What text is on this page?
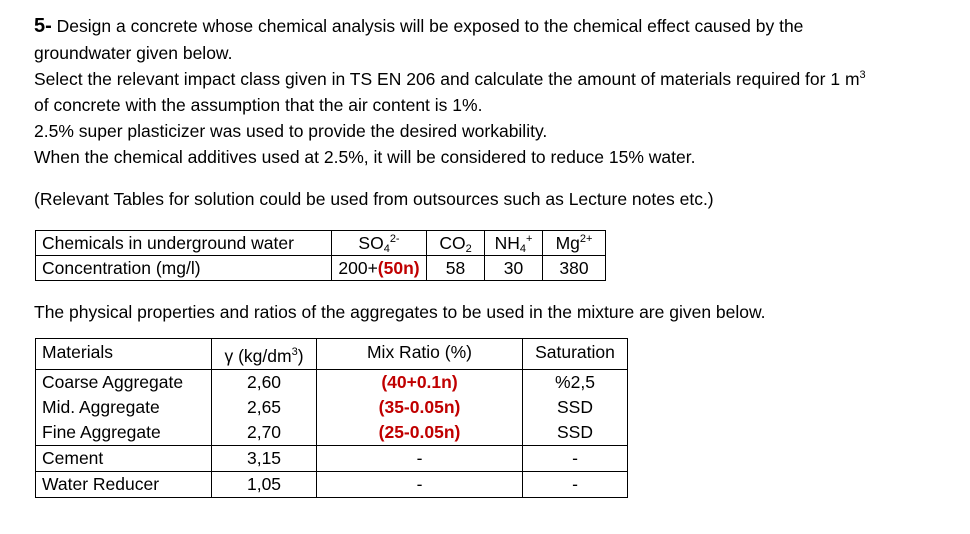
5- Design a concrete whose chemical analysis will be exposed to the chemical effect caused by the
groundwater given below.
Select the relevant impact class given in TS EN 206 and calculate the amount of materials required for 1 $m^3$
of concrete with the assumption that the air content is 1%.
2.5% super plasticizer was used to provide the desired workability.
When the chemical additives used at 2.5%, it will be considered to reduce 15% water.
(Relevant Tables for solution could be used from outsources such as Lecture notes etc.)
Chemicals in underground water	$SO_4^{2-}$	$CO_2$	$NH_4^+$	$Mg^{2+}$
Concentration (mg/l)	200+(50n)	58	30	380
The physical properties and ratios of the aggregates to be used in the mixture are given below.
Materials	γ $(kg/dm^3)$	Mix Ratio (%)	Saturation
Coarse Aggregate	2,60	(40+0.1n)	%2,5
Mid. Aggregate	2,65	(35-0.05n)	SSD
Fine Aggregate	2,70	(25-0.05n)	SSD
Cement	3,15	-	-
Water Reducer	1,05	-	-
